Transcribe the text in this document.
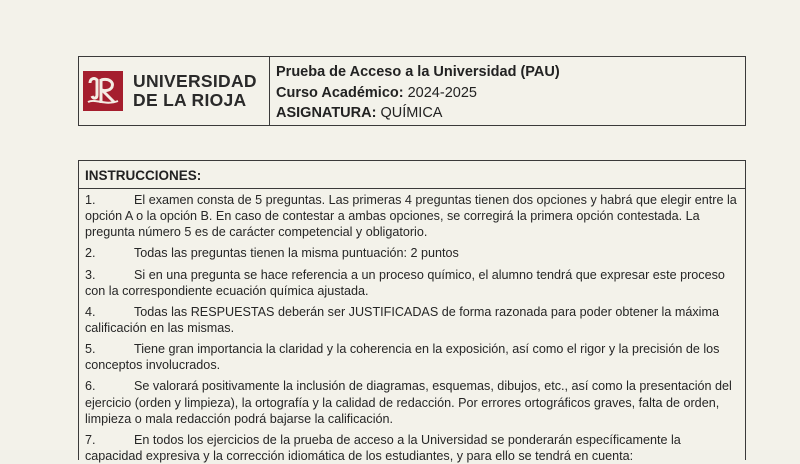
UNIVERSIDAD
DE LA RIOJA
Prueba de Acceso a la Universidad (PAU)
Curso Académico: 2024-2025
ASIGNATURA: QUÍMICA
INSTRUCCIONES:
1.	El examen consta de 5 preguntas. Las primeras 4 preguntas tienen dos opciones y habrá que elegir entre la opción A o la opción B. En caso de contestar a ambas opciones, se corregirá la primera opción contestada. La pregunta número 5 es de carácter competencial y obligatorio.
2.	Todas las preguntas tienen la misma puntuación: 2 puntos
3.	Si en una pregunta se hace referencia a un proceso químico, el alumno tendrá que expresar este proceso con la correspondiente ecuación química ajustada.
4.	Todas las RESPUESTAS deberán ser JUSTIFICADAS de forma razonada para poder obtener la máxima calificación en las mismas.
5.	Tiene gran importancia la claridad y la coherencia en la exposición, así como el rigor y la precisión de los conceptos involucrados.
6.	Se valorará positivamente la inclusión de diagramas, esquemas, dibujos, etc., así como la presentación del ejercicio (orden y limpieza), la ortografía y la calidad de redacción. Por errores ortográficos graves, falta de orden, limpieza o mala redacción podrá bajarse la calificación.
7.	En todos los ejercicios de la prueba de acceso a la Universidad se ponderarán específicamente la capacidad expresiva y la corrección idiomática de los estudiantes, y para ello se tendrá en cuenta:
